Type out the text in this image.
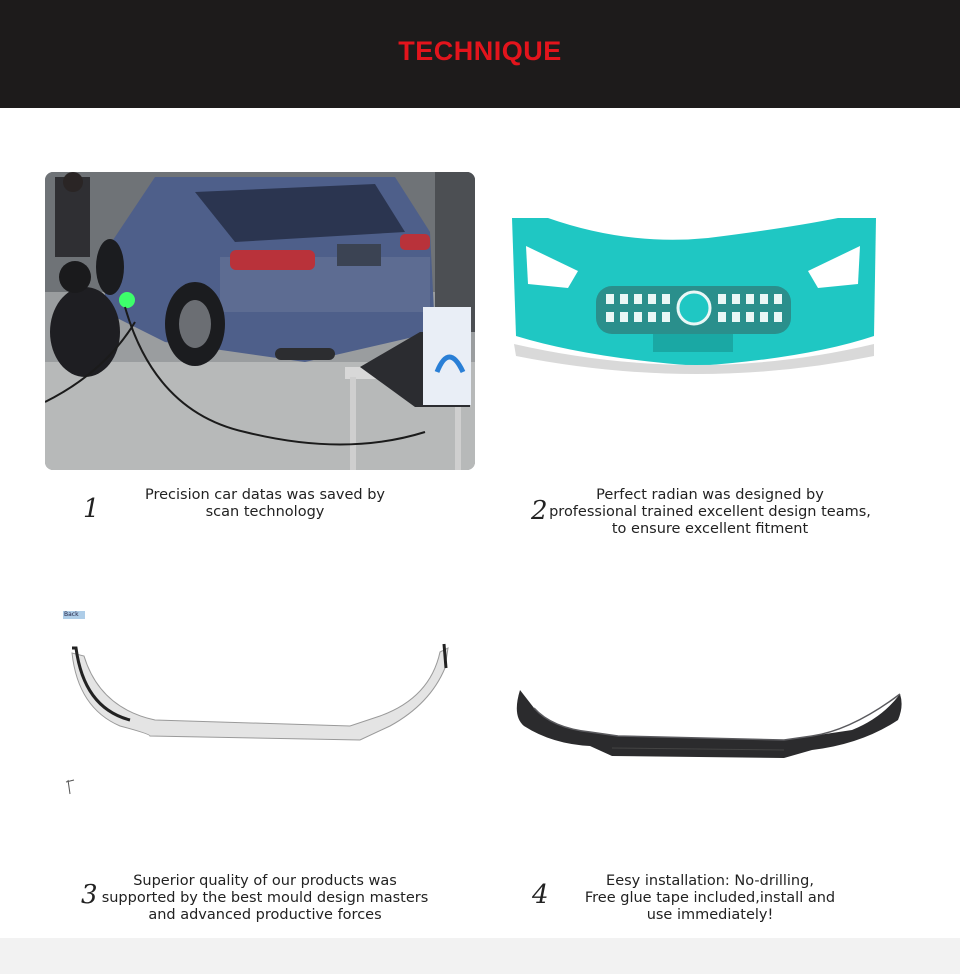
TECHNIQUE
Back
1	Precision car datas was saved by
scan technology	2
Perfect radian was designed by
professional trained excellent design teams,
to ensure excellent fitment
3	Superior quality of our products was
supported by the best mould design masters
and advanced productive forces
4	Eesy installation: No-drilling,
Free glue tape included,install and
use immediately!
